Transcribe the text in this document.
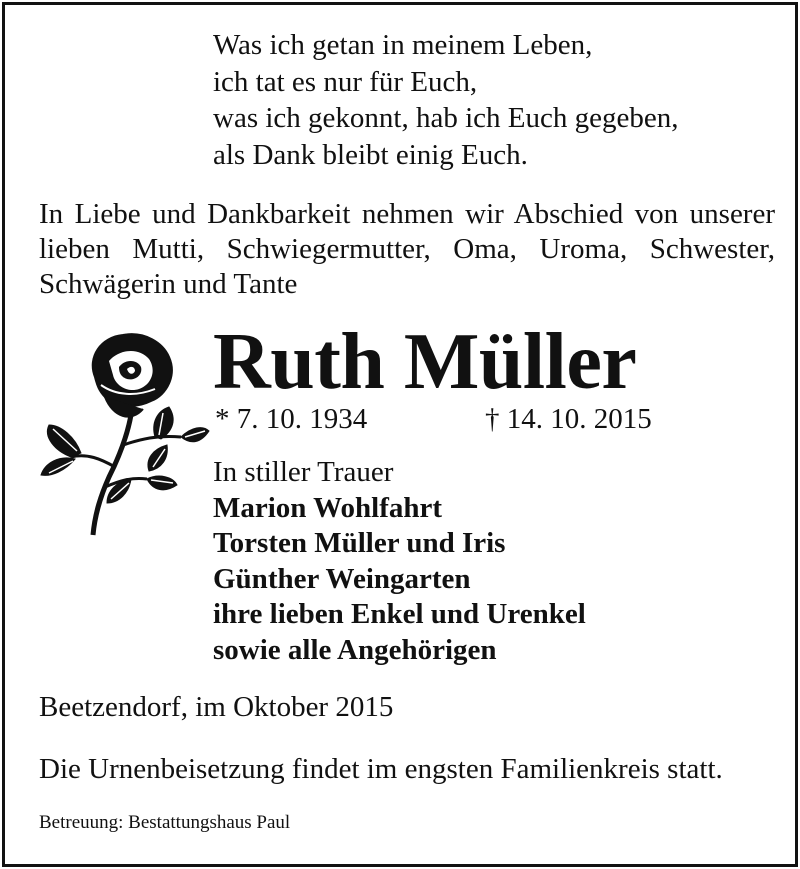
Was ich getan in meinem Leben,
ich tat es nur für Euch,
was ich gekonnt, hab ich Euch gegeben,
als Dank bleibt einig Euch.
In Liebe und Dankbarkeit nehmen wir Abschied von unserer
lieben Mutti, Schwiegermutter, Oma, Uroma, Schwester,
Schwägerin und Tante
Ruth Müller
* 7. 10. 1934	† 14. 10. 2015
In stiller Trauer
Marion Wohlfahrt
Torsten Müller und Iris
Günther Weingarten
ihre lieben Enkel und Urenkel
sowie alle Angehörigen
Beetzendorf, im Oktober 2015
Die Urnenbeisetzung findet im engsten Familienkreis statt.
Betreuung: Bestattungshaus Paul
